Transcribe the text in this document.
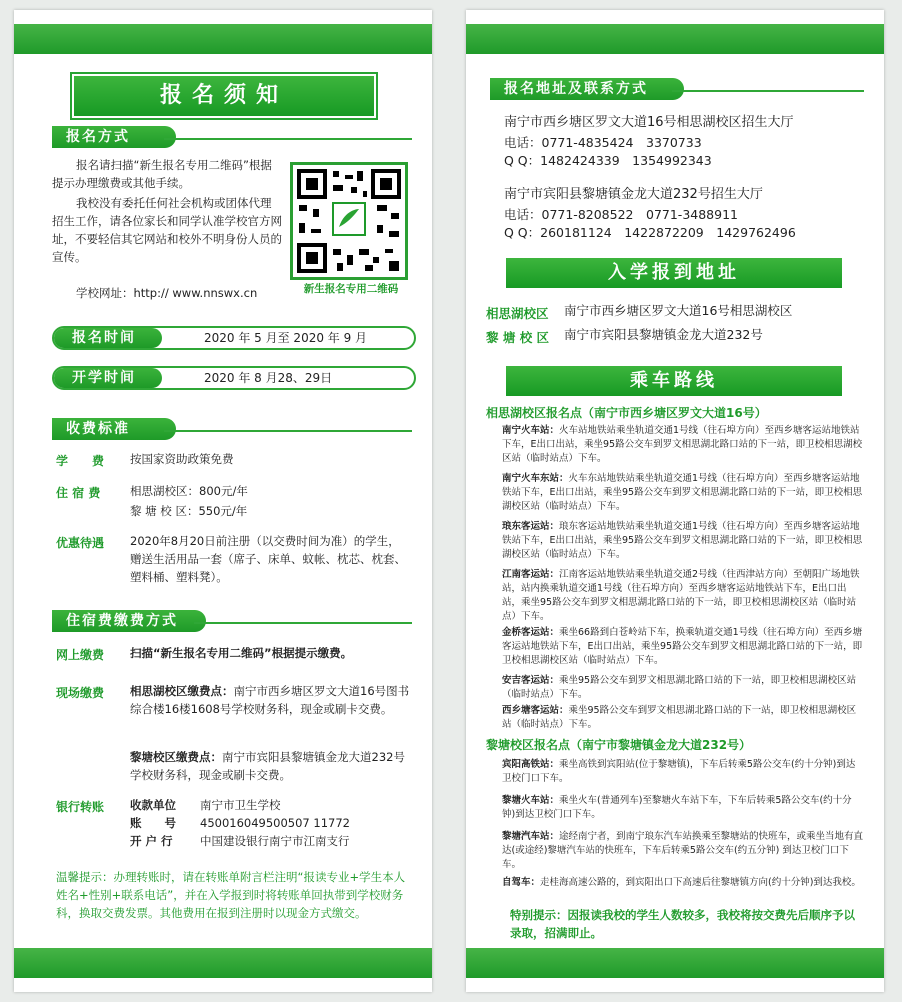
报名须知
报名方式
报名请扫描“新生报名专用二维码”根据提示办理缴费或其他手续。
我校没有委托任何社会机构或团体代理招生工作，请各位家长和同学认准学校官方网址，不要轻信其它网站和校外不明身份人员的宣传。
学校网址：http:// www.nnswx.cn	新生报名专用二维码
报名时间	2020 年 5 月至 2020 年 9 月
开学时间	2020 年 8 月28、29日
收费标准
学　　费 按国家资助政策免费
住 宿 费	相思湖校区：800元/年
黎 塘 校 区：550元/年
优惠待遇 2020年8月20日前注册（以交费时间为准）的学生，赠送生活用品一套（席子、床单、蚊帐、枕芯、枕套、塑料桶、塑料凳）。
住宿费缴费方式
网上缴费 扫描“新生报名专用二维码”根据提示缴费。
现场缴费 相思湖校区缴费点：南宁市西乡塘区罗文大道16号图书综合楼16楼1608号学校财务科，现金或刷卡交费。
黎塘校区缴费点：南宁市宾阳县黎塘镇金龙大道232号学校财务科，现金或刷卡交费。
银行转账 收款单位 南宁市卫生学校
账　　号 450016049500507 11772
开 户 行 中国建设银行南宁市江南支行
温馨提示：办理转账时，请在转账单附言栏注明“报读专业+学生本人姓名+性别+联系电话”，并在入学报到时将转账单回执带到学校财务科，换取交费发票。其他费用在报到注册时以现金方式缴交。
报名地址及联系方式
南宁市西乡塘区罗文大道16号相思湖校区招生大厅
电话：0771-4835424　3370733
Q Q：1482424339　1354992343
南宁市宾阳县黎塘镇金龙大道232号招生大厅
电话：0771-8208522　0771-3488911
Q Q：260181124　1422872209　1429762496
入学报到地址
相思湖校区 南宁市西乡塘区罗文大道16号相思湖校区
黎 塘 校 区 南宁市宾阳县黎塘镇金龙大道232号
乘车路线
相思湖校区报名点（南宁市西乡塘区罗文大道16号）
南宁火车站：火车站地铁站乘坐轨道交通1号线（往石埠方向）至西乡塘客运站地铁站下车，E出口出站，乘坐95路公交车到罗文相思湖北路口站的下一站，即卫校相思湖校区站（临时站点）下车。
南宁火车东站：火车东站地铁站乘坐轨道交通1号线（往石埠方向）至西乡塘客运站地铁站下车，E出口出站，乘坐95路公交车到罗文相思湖北路口站的下一站，即卫校相思湖校区站（临时站点）下车。
琅东客运站：琅东客运站地铁站乘坐轨道交通1号线（往石埠方向）至西乡塘客运站地铁站下车，E出口出站，乘坐95路公交车到罗文相思湖北路口站的下一站，即卫校相思湖校区站（临时站点）下车。
江南客运站：江南客运站地铁站乘坐轨道交通2号线（往西津站方向）至朝阳广场地铁站，站内换乘轨道交通1号线（往石埠方向）至西乡塘客运站地铁站下车，E出口出站，乘坐95路公交车到罗文相思湖北路口站的下一站，即卫校相思湖校区站（临时站点）下车。
金桥客运站：乘坐66路到白苍岭站下车，换乘轨道交通1号线（往石埠方向）至西乡塘客运站地铁站下车，E出口出站，乘坐95路公交车到罗文相思湖北路口站的下一站，即卫校相思湖校区站（临时站点）下车。
安吉客运站：乘坐95路公交车到罗文相思湖北路口站的下一站，即卫校相思湖校区站（临时站点）下车。
西乡塘客运站：乘坐95路公交车到罗文相思湖北路口站的下一站，即卫校相思湖校区站（临时站点）下车。
黎塘校区报名点（南宁市黎塘镇金龙大道232号）
宾阳高铁站：乘坐高铁到宾阳站(位于黎塘镇)，下车后转乘5路公交车(约十分钟)到达卫校门口下车。
黎塘火车站：乘坐火车(普通列车)至黎塘火车站下车，下车后转乘5路公交车(约十分钟)到达卫校门口下车。
黎塘汽车站：途经南宁者，到南宁琅东汽车站换乘至黎塘站的快班车，或乘坐当地有直达(或途经)黎塘汽车站的快班车，下车后转乘5路公交车(约五分钟) 到达卫校门口下车。
自驾车：走桂海高速公路的，到宾阳出口下高速后往黎塘镇方向(约十分钟)到达我校。
特别提示：因报读我校的学生人数较多，我校将按交费先后顺序予以录取，招满即止。
